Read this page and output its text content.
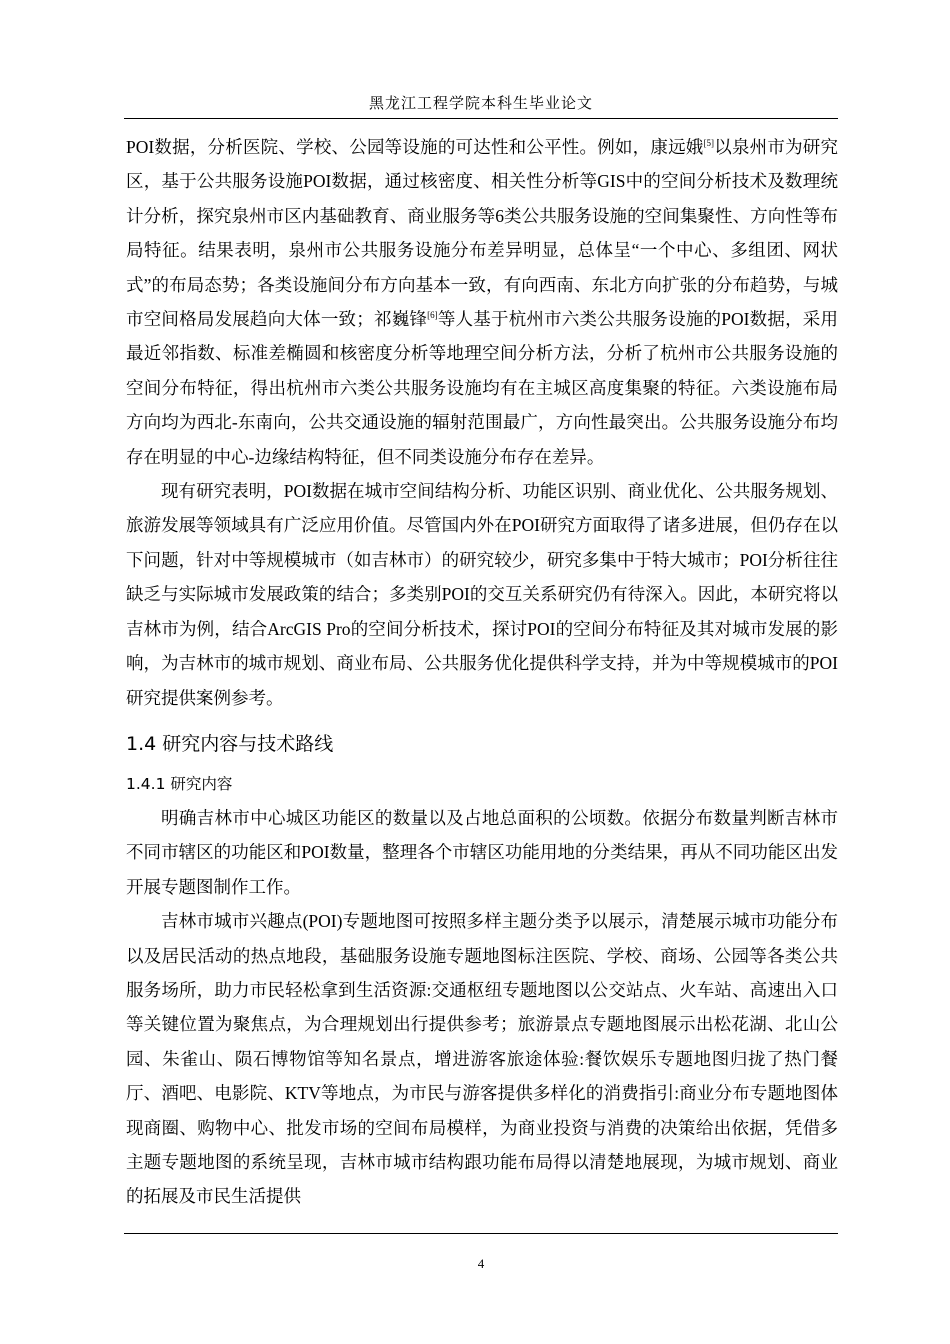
黑龙江工程学院本科生毕业论文

POI数据，分析医院、学校、公园等设施的可达性和公平性。例如，康远娥[5]以泉州市为研究区，基于公共服务设施POI数据，通过核密度、相关性分析等GIS中的空间分析技术及数理统计分析，探究泉州市区内基础教育、商业服务等6类公共服务设施的空间集聚性、方向性等布局特征。结果表明，泉州市公共服务设施分布差异明显，总体呈“一个中心、多组团、网状式”的布局态势；各类设施间分布方向基本一致，有向西南、东北方向扩张的分布趋势，与城市空间格局发展趋向大体一致；祁巍锋[6]等人基于杭州市六类公共服务设施的POI数据，采用最近邻指数、标准差椭圆和核密度分析等地理空间分析方法，分析了杭州市公共服务设施的空间分布特征，得出杭州市六类公共服务设施均有在主城区高度集聚的特征。六类设施布局方向均为西北-东南向，公共交通设施的辐射范围最广，方向性最突出。公共服务设施分布均存在明显的中心-边缘结构特征，但不同类设施分布存在差异。

现有研究表明，POI数据在城市空间结构分析、功能区识别、商业优化、公共服务规划、旅游发展等领域具有广泛应用价值。尽管国内外在POI研究方面取得了诸多进展，但仍存在以下问题，针对中等规模城市（如吉林市）的研究较少，研究多集中于特大城市；POI分析往往缺乏与实际城市发展政策的结合；多类别POI的交互关系研究仍有待深入。因此，本研究将以吉林市为例，结合ArcGIS Pro的空间分析技术，探讨POI的空间分布特征及其对城市发展的影响，为吉林市的城市规划、商业布局、公共服务优化提供科学支持，并为中等规模城市的POI研究提供案例参考。

1.4 研究内容与技术路线
1.4.1 研究内容

明确吉林市中心城区功能区的数量以及占地总面积的公顷数。依据分布数量判断吉林市不同市辖区的功能区和POI数量，整理各个市辖区功能用地的分类结果，再从不同功能区出发开展专题图制作工作。

吉林市城市兴趣点(POI)专题地图可按照多样主题分类予以展示，清楚展示城市功能分布以及居民活动的热点地段，基础服务设施专题地图标注医院、学校、商场、公园等各类公共服务场所，助力市民轻松拿到生活资源:交通枢纽专题地图以公交站点、火车站、高速出入口等关键位置为聚焦点，为合理规划出行提供参考；旅游景点专题地图展示出松花湖、北山公园、朱雀山、陨石博物馆等知名景点，增进游客旅途体验:餐饮娱乐专题地图归拢了热门餐厅、酒吧、电影院、KTV等地点，为市民与游客提供多样化的消费指引:商业分布专题地图体现商圈、购物中心、批发市场的空间布局模样，为商业投资与消费的决策给出依据，凭借多主题专题地图的系统呈现，吉林市城市结构跟功能布局得以清楚地展现，为城市规划、商业的拓展及市民生活提供

4
